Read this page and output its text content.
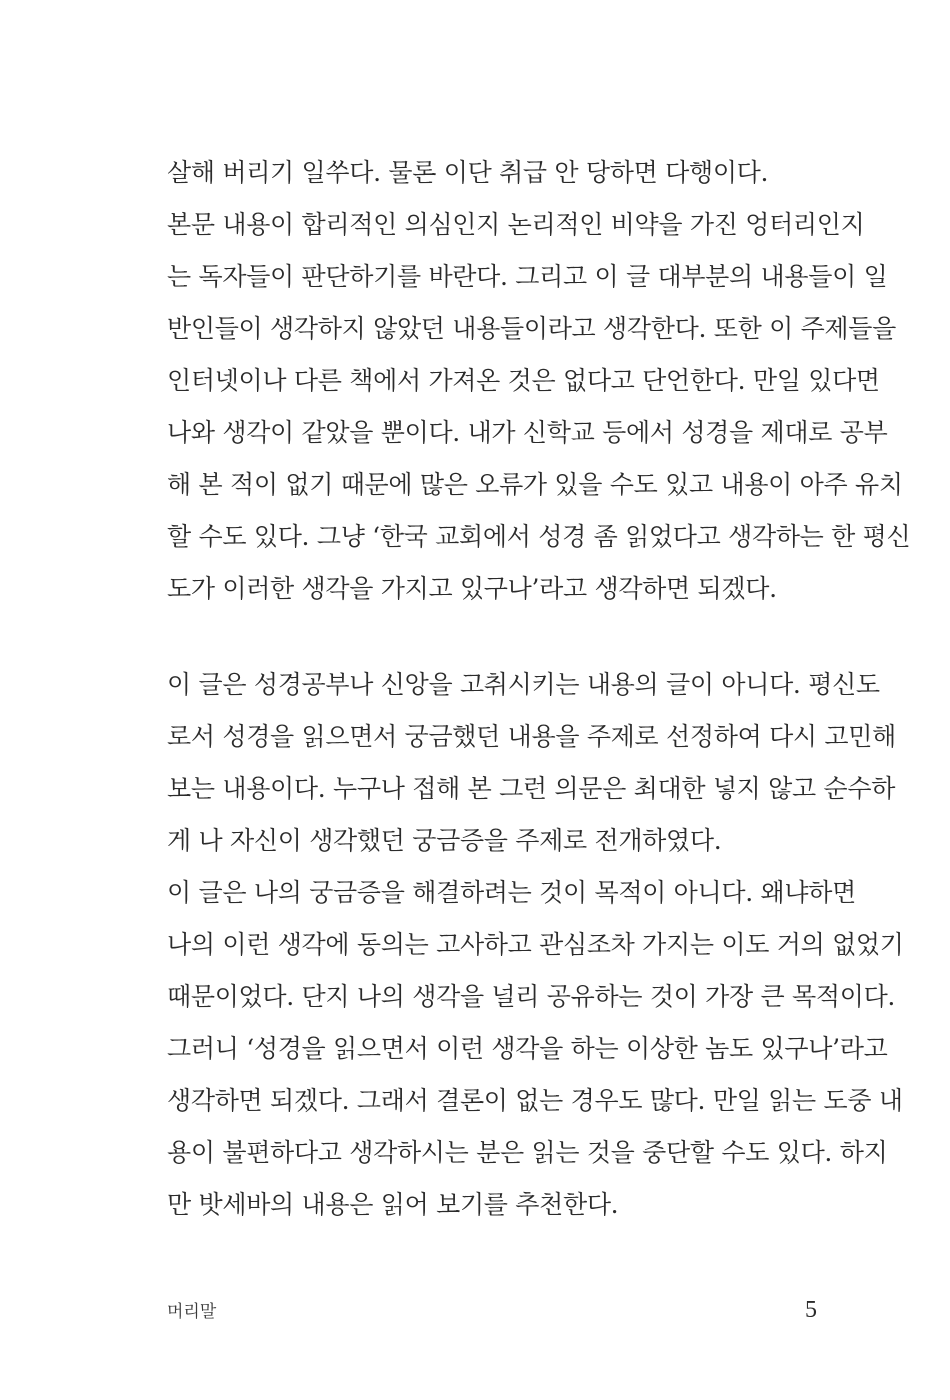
살해 버리기 일쑤다. 물론 이단 취급 안 당하면 다행이다.
본문 내용이 합리적인 의심인지 논리적인 비약을 가진 엉터리인지
는 독자들이 판단하기를 바란다. 그리고 이 글 대부분의 내용들이 일
반인들이 생각하지 않았던 내용들이라고 생각한다. 또한 이 주제들을
인터넷이나 다른 책에서 가져온 것은 없다고 단언한다. 만일 있다면
나와 생각이 같았을 뿐이다. 내가 신학교 등에서 성경을 제대로 공부
해 본 적이 없기 때문에 많은 오류가 있을 수도 있고 내용이 아주 유치
할 수도 있다. 그냥 ‘한국 교회에서 성경 좀 읽었다고 생각하는 한 평신
도가 이러한 생각을 가지고 있구나’라고 생각하면 되겠다.
이 글은 성경공부나 신앙을 고취시키는 내용의 글이 아니다. 평신도
로서 성경을 읽으면서 궁금했던 내용을 주제로 선정하여 다시 고민해
보는 내용이다. 누구나 접해 본 그런 의문은 최대한 넣지 않고 순수하
게 나 자신이 생각했던 궁금증을 주제로 전개하였다.
이 글은 나의 궁금증을 해결하려는 것이 목적이 아니다. 왜냐하면
나의 이런 생각에 동의는 고사하고 관심조차 가지는 이도 거의 없었기
때문이었다. 단지 나의 생각을 널리 공유하는 것이 가장 큰 목적이다.
그러니 ‘성경을 읽으면서 이런 생각을 하는 이상한 놈도 있구나’라고
생각하면 되겠다. 그래서 결론이 없는 경우도 많다. 만일 읽는 도중 내
용이 불편하다고 생각하시는 분은 읽는 것을 중단할 수도 있다. 하지
만 밧세바의 내용은 읽어 보기를 추천한다.
머리말	5
